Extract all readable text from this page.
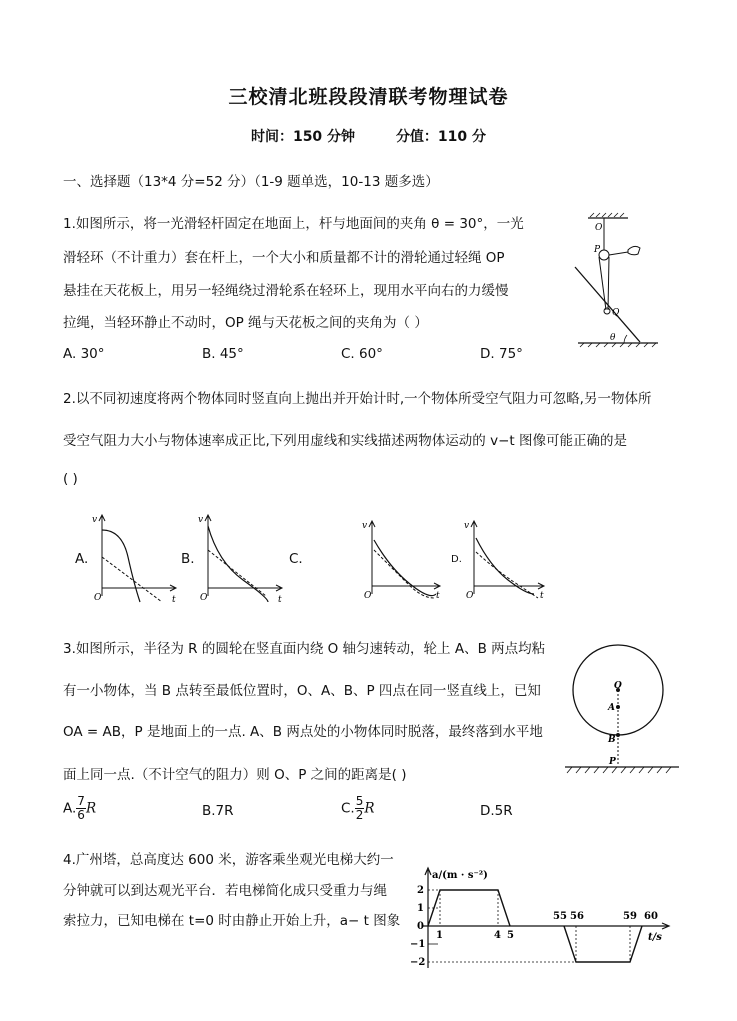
三校清北班段段清联考物理试卷
时间：150 分钟	分值：110 分
一、选择题（13*4 分=52 分）（1-9 题单选，10-13 题多选）
1.如图所示，将一光滑轻杆固定在地面上，杆与地面间的夹角 θ = 30°，一光
滑轻环（不计重力）套在杆上，一个大小和质量都不计的滑轮通过轻绳 OP
悬挂在天花板上，用另一轻绳绕过滑轮系在轻环上，现用水平向右的力缓慢
拉绳，当轻环静止不动时，OP 绳与天花板之间的夹角为（ ）
A. 30°	B. 45°	C. 60°	D. 75°
O
P
Q
θ
2.以不同初速度将两个物体同时竖直向上抛出并开始计时,一个物体所受空气阻力可忽略,另一物体所
受空气阻力大小与物体速率成正比,下列用虚线和实线描述两物体运动的 v−t 图像可能正确的是
( )
A.
v
t
O
B.
v
t
O
C.
v
t
O
D.
v
t
O
3.如图所示，半径为 R 的圆轮在竖直面内绕 O 轴匀速转动，轮上 A、B 两点均粘
有一小物体，当 B 点转至最低位置时，O、A、B、P 四点在同一竖直线上，已知
OA = AB，P 是地面上的一点. A、B 两点处的小物体同时脱落，最终落到水平地
面上同一点.（不计空气的阻力）则 O、P 之间的距离是( )
A. $\frac{7}{6}$ R	B.7R	C. $\frac{5}{2}$ R	D.5R
O
A
B
P
4.广州塔，总高度达 600 米，游客乘坐观光电梯大约一
分钟就可以到达观光平台．若电梯简化成只受重力与绳
索拉力，已知电梯在 t=0 时由静止开始上升，a− t 图象
a/(m · s⁻²)
t/s
2
1
0
−1
−2
1	4 5
55 56	59 60
